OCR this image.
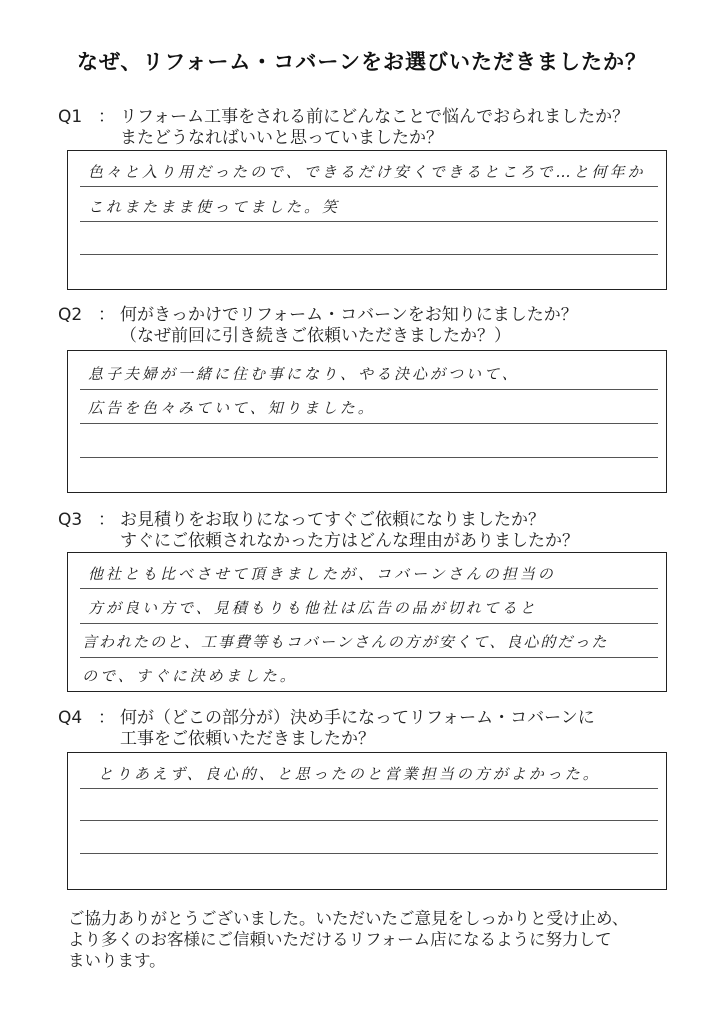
なぜ、リフォーム・コバーンをお選びいただきましたか？
Q1 ： リフォーム工事をされる前にどんなことで悩んでおられましたか？
またどうなればいいと思っていましたか？
色々と入り用だったので、できるだけ安くできるところで…と何年か
これまたまま使ってました。笑
Q2 ： 何がきっかけでリフォーム・コバーンをお知りにましたか？
（なぜ前回に引き続きご依頼いただきましたか？）
息子夫婦が一緒に住む事になり、やる決心がついて、
広告を色々みていて、知りました。
Q3 ： お見積りをお取りになってすぐご依頼になりましたか？
すぐにご依頼されなかった方はどんな理由がありましたか？
他社とも比べさせて頂きましたが、コバーンさんの担当の
方が良い方で、見積もりも他社は広告の品が切れてると
言われたのと、工事費等もコバーンさんの方が安くて、良心的だった
ので、すぐに決めました。
Q4 ： 何が（どこの部分が）決め手になってリフォーム・コバーンに
工事をご依頼いただきましたか？
とりあえず、良心的、と思ったのと営業担当の方がよかった。
ご協力ありがとうございました。いただいたご意見をしっかりと受け止め、
より多くのお客様にご信頼いただけるリフォーム店になるように努力して
まいります。
